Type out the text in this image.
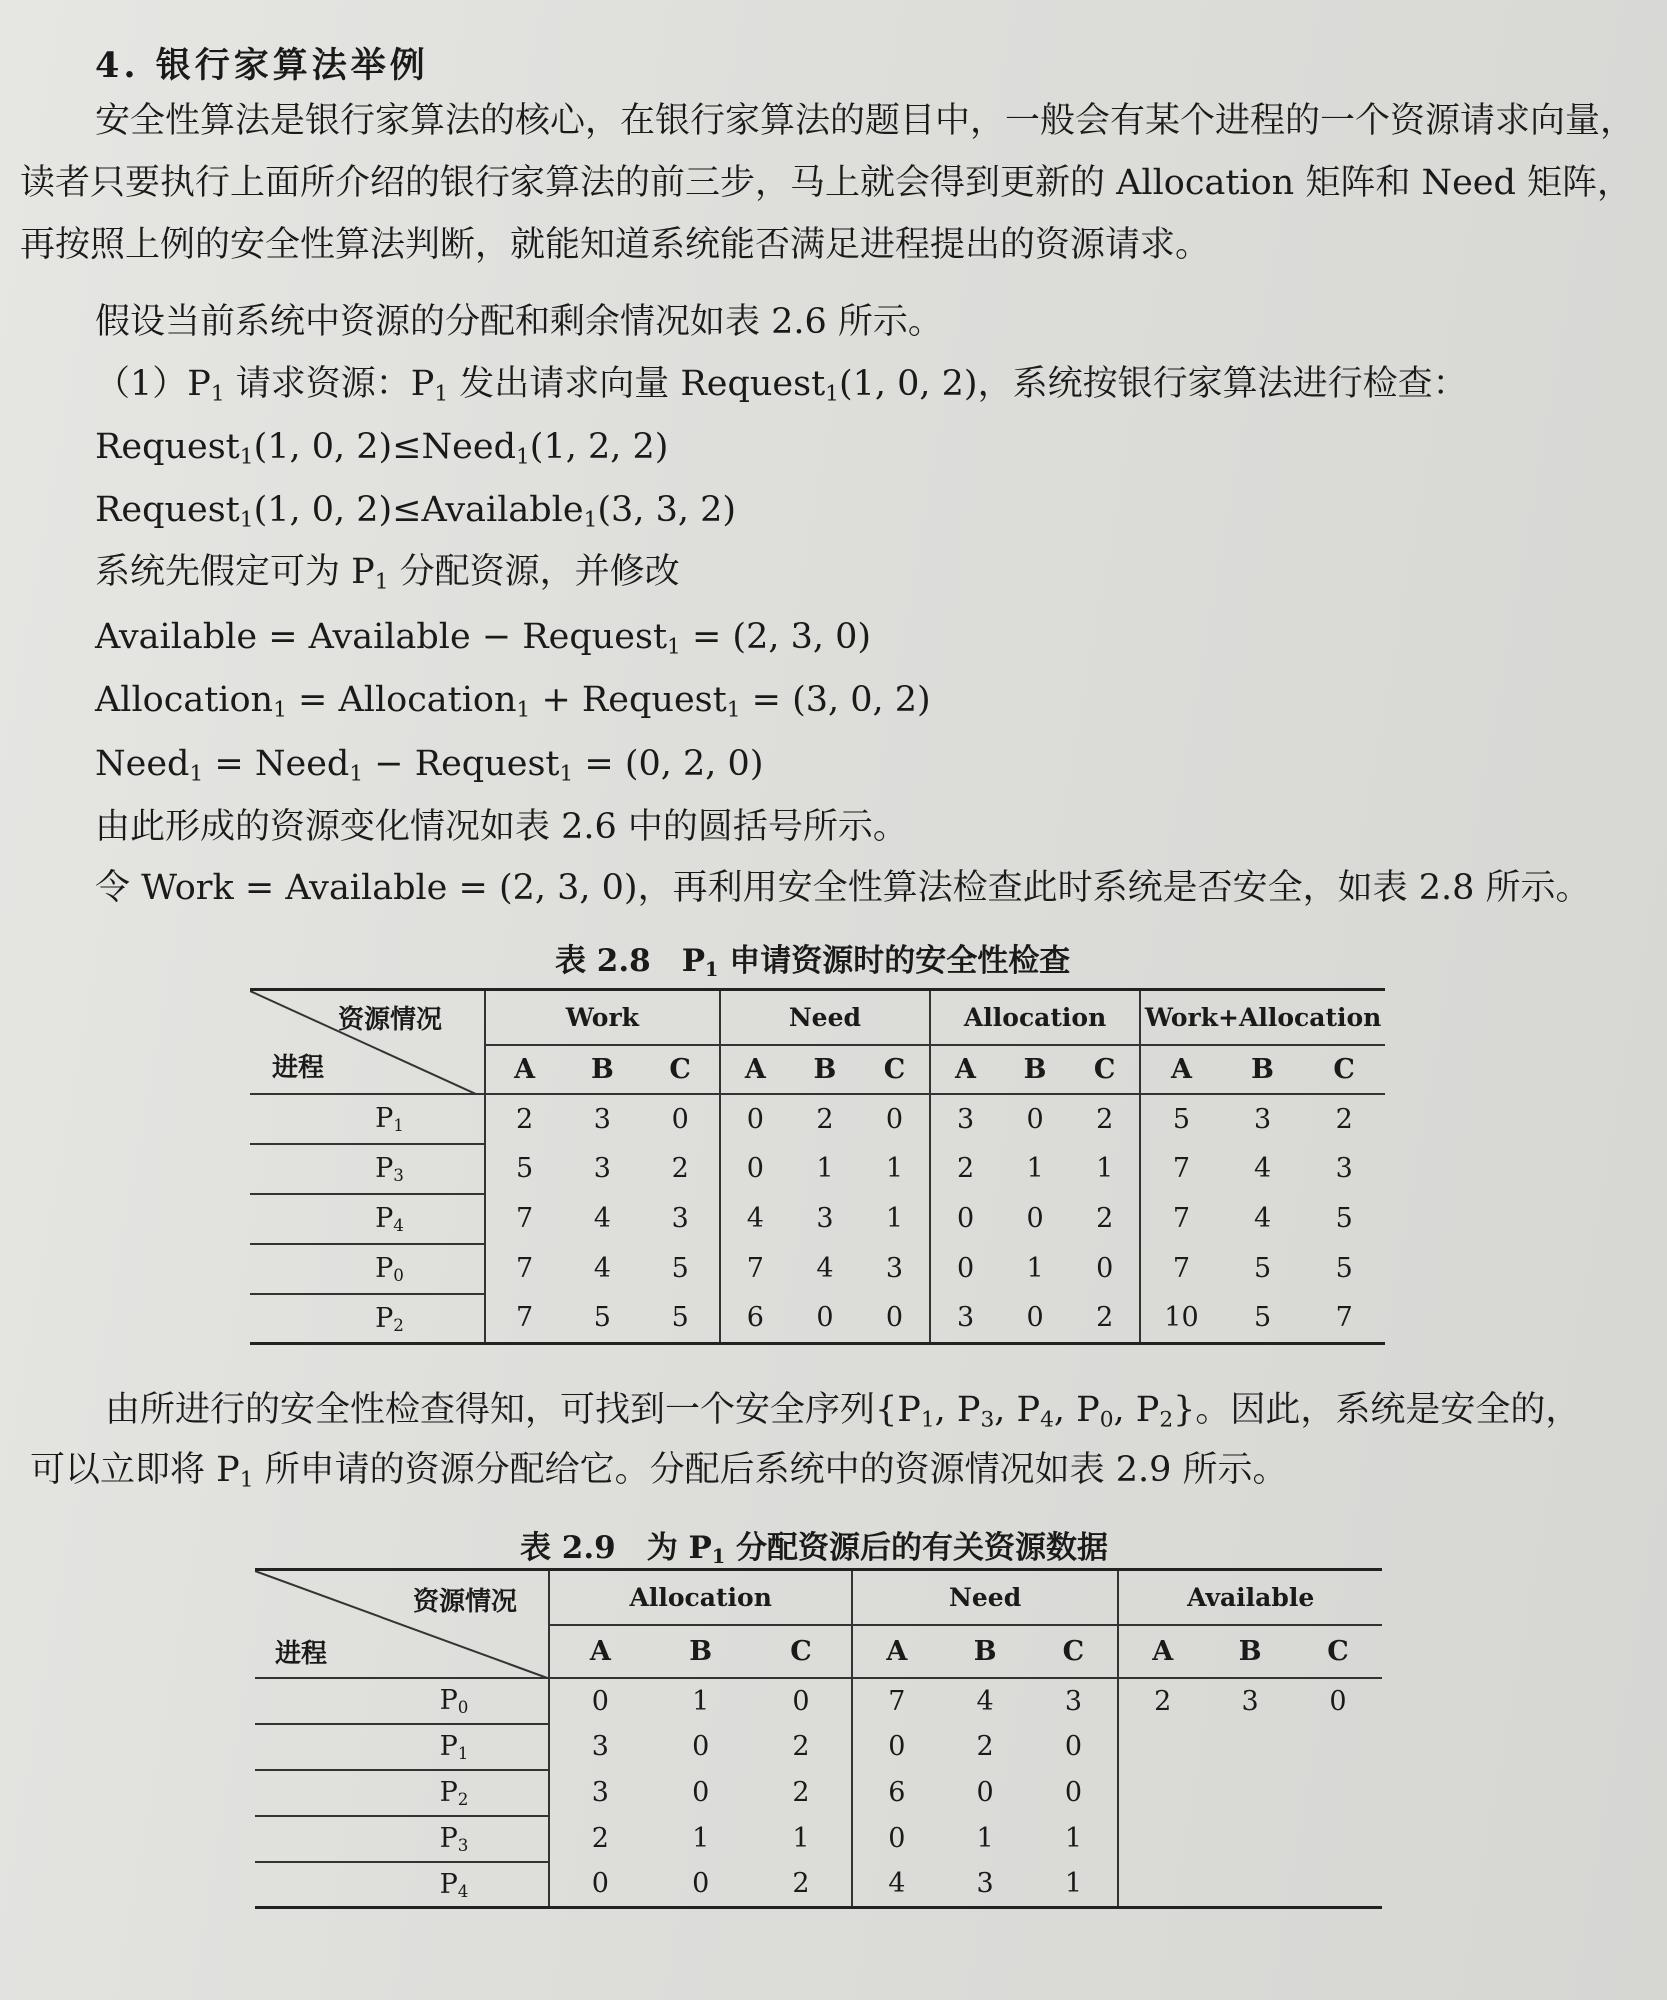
4. 银行家算法举例
安全性算法是银行家算法的核心，在银行家算法的题目中，一般会有某个进程的一个资源请求向量，读者只要执行上面所介绍的银行家算法的前三步，马上就会得到更新的 Allocation 矩阵和 Need 矩阵，再按照上例的安全性算法判断，就能知道系统能否满足进程提出的资源请求。
假设当前系统中资源的分配和剩余情况如表 2.6 所示。
$(1)P_1$ 请求资源：$P_1$ 发出请求向量 Request$_1$(1, 0, 2)，系统按银行家算法进行检查：
Request$_1$(1, 0, 2)≤Need$_1$(1, 2, 2)
Request$_1$(1, 0, 2)≤Available$_1$(3, 3, 2)
系统先假定可为 $P_1$ 分配资源，并修改
Available = Available − Request$_1$ = (2, 3, 0)
Allocation$_1$ = Allocation$_1$ + Request$_1$ = (3, 0, 2)
Need$_1$ = Need$_1$ − Request$_1$ = (0, 2, 0)
由此形成的资源变化情况如表 2.6 中的圆括号所示。
令 Work = Available = (2, 3, 0)，再利用安全性算法检查此时系统是否安全，如表 2.8 所示。
表 2.8　$P_1$ 申请资源时的安全性检查
资源情况
进程	Work			Need			Allocation			Work+Allocation		
	A	B	C	A	B	C	A	B	C	A	B	C
$P_1$	2	3	0	0	2	0	3	0	2	5	3	2
$P_3$	5	3	2	0	1	1	2	1	1	7	4	3
$P_4$	7	4	3	4	3	1	0	0	2	7	4	5
$P_0$	7	4	5	7	4	3	0	1	0	7	5	5
$P_2$	7	5	5	6	0	0	3	0	2	10	5	7
由所进行的安全性检查得知，可找到一个安全序列{$P_1$, $P_3$, $P_4$, $P_0$, $P_2$}。因此，系统是安全的，
可以立即将 $P_1$ 所申请的资源分配给它。分配后系统中的资源情况如表 2.9 所示。
表 2.9　为 $P_1$ 分配资源后的有关资源数据
资源情况
进程	Allocation			Need			Available		
	A	B	C	A	B	C	A	B	C
$P_0$	0	1	0	7	4	3	2	3	0
$P_1$	3	0	2	0	2	0			
$P_2$	3	0	2	6	0	0			
$P_3$	2	1	1	0	1	1			
$P_4$	0	0	2	4	3	1			
